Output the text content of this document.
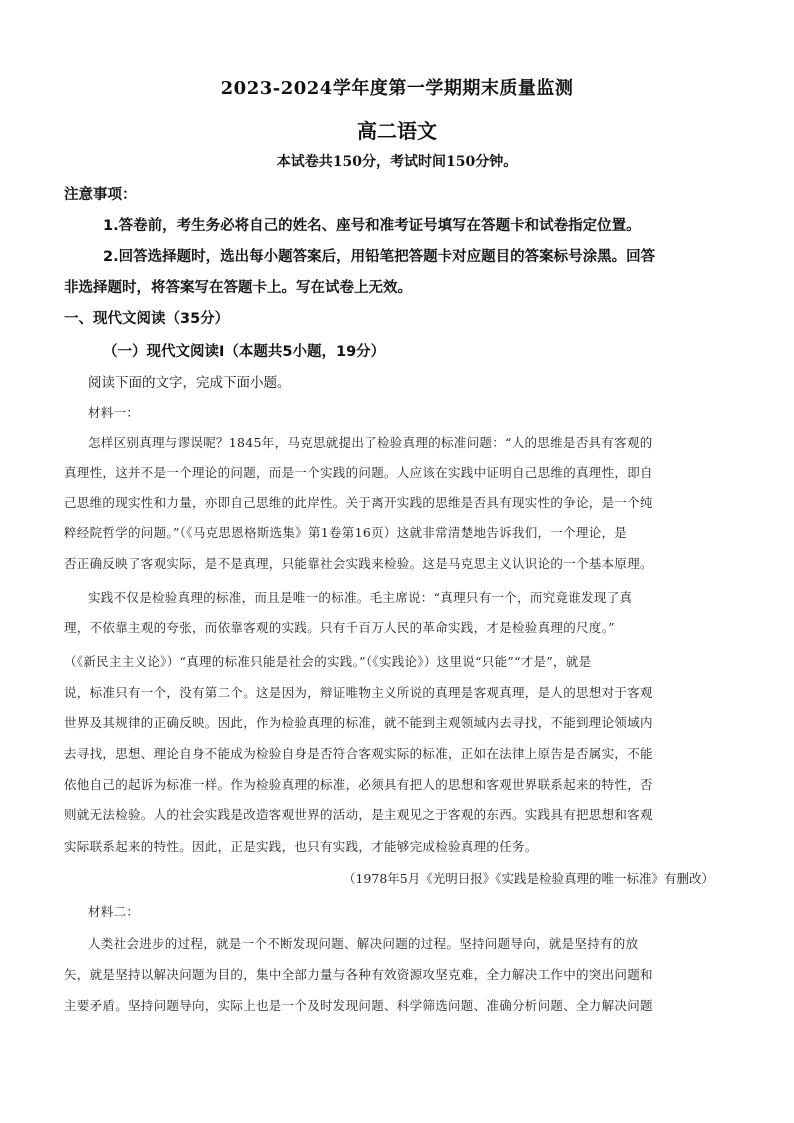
2023-2024学年度第一学期期末质量监测
高二语文
本试卷共150分，考试时间150分钟。
注意事项：
1.答卷前，考生务必将自己的姓名、座号和准考证号填写在答题卡和试卷指定位置。
2.回答选择题时，选出每小题答案后，用铅笔把答题卡对应题目的答案标号涂黑。回答
非选择题时，将答案写在答题卡上。写在试卷上无效。
一、现代文阅读（35分）
（一）现代文阅读Ⅰ（本题共5小题，19分）
阅读下面的文字，完成下面小题。
材料一：
怎样区别真理与谬误呢？1845年，马克思就提出了检验真理的标准问题：“人的思维是否具有客观的
真理性，这并不是一个理论的问题，而是一个实践的问题。人应该在实践中证明自己思维的真理性，即自
己思维的现实性和力量，亦即自己思维的此岸性。关于离开实践的思维是否具有现实性的争论，是一个纯
粹经院哲学的问题。”（《马克思恩格斯选集》第1卷第16页）这就非常清楚地告诉我们，一个理论，是
否正确反映了客观实际，是不是真理，只能靠社会实践来检验。这是马克思主义认识论的一个基本原理。
实践不仅是检验真理的标准，而且是唯一的标准。毛主席说：“真理只有一个，而究竟谁发现了真
理，不依靠主观的夸张，而依靠客观的实践。只有千百万人民的革命实践，才是检验真理的尺度。”
（《新民主主义论》）“真理的标准只能是社会的实践。”（《实践论》）这里说“只能”“才是”，就是
说，标准只有一个，没有第二个。这是因为，辩证唯物主义所说的真理是客观真理，是人的思想对于客观
世界及其规律的正确反映。因此，作为检验真理的标准，就不能到主观领域内去寻找，不能到理论领域内
去寻找，思想、理论自身不能成为检验自身是否符合客观实际的标准，正如在法律上原告是否属实，不能
依他自己的起诉为标准一样。作为检验真理的标准，必须具有把人的思想和客观世界联系起来的特性，否
则就无法检验。人的社会实践是改造客观世界的活动，是主观见之于客观的东西。实践具有把思想和客观
实际联系起来的特性。因此，正是实践，也只有实践，才能够完成检验真理的任务。
（1978年5月《光明日报》《实践是检验真理的唯一标准》有删改）
材料二：
人类社会进步的过程，就是一个不断发现问题、解决问题的过程。坚持问题导向，就是坚持有的放
矢，就是坚持以解决问题为目的，集中全部力量与各种有效资源攻坚克难，全力解决工作中的突出问题和
主要矛盾。坚持问题导向，实际上也是一个及时发现问题、科学筛选问题、准确分析问题、全力解决问题
